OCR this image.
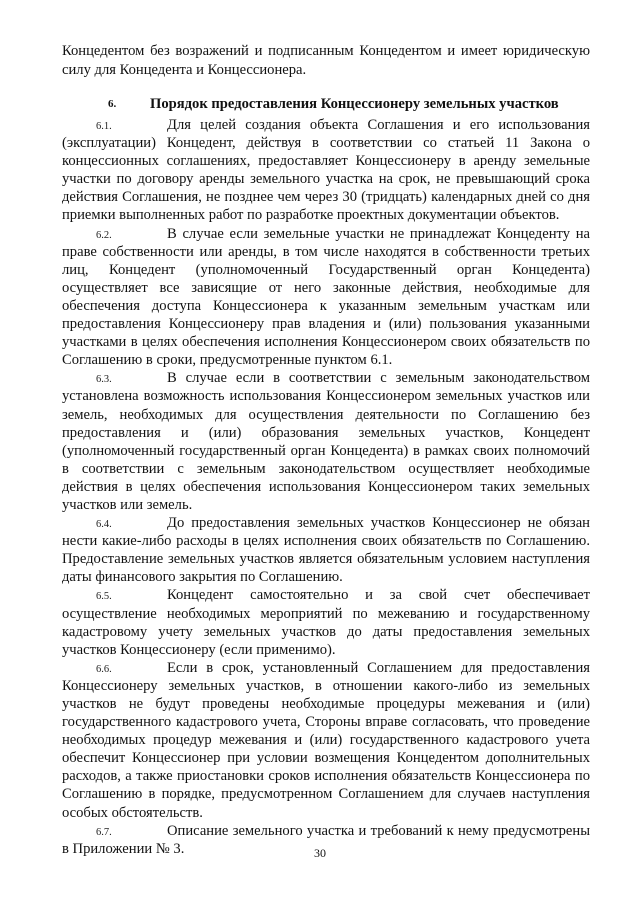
Концедентом без возражений и подписанным Концедентом и имеет юридическую силу для Концедента и Концессионера.

6. Порядок предоставления Концессионеру земельных участков
6.1.	Для целей создания объекта Соглашения и его использования (эксплуатации) Концедент, действуя в соответствии со статьей 11 Закона о концессионных соглашениях, предоставляет Концессионеру в аренду земельные участки по договору аренды земельного участка на срок, не превышающий срока действия Соглашения, не позднее чем через 30 (тридцать) календарных дней со дня приемки выполненных работ по разработке проектных документации объектов.
6.2.	В случае если земельные участки не принадлежат Концеденту на праве собственности или аренды, в том числе находятся в собственности третьих лиц, Концедент (уполномоченный Государственный орган Концедента) осуществляет все зависящие от него законные действия, необходимые для обеспечения доступа Концессионера к указанным земельным участкам или предоставления Концессионеру прав владения и (или) пользования указанными участками в целях обеспечения исполнения Концессионером своих обязательств по Соглашению в сроки, предусмотренные пунктом 6.1.
6.3.	В случае если в соответствии с земельным законодательством установлена возможность использования Концессионером земельных участков или земель, необходимых для осуществления деятельности по Соглашению без предоставления и (или) образования земельных участков, Концедент (уполномоченный государственный орган Концедента) в рамках своих полномочий в соответствии с земельным законодательством осуществляет необходимые действия в целях обеспечения использования Концессионером таких земельных участков или земель.
6.4.	До предоставления земельных участков Концессионер не обязан нести какие-либо расходы в целях исполнения своих обязательств по Соглашению. Предоставление земельных участков является обязательным условием наступления даты финансового закрытия по Соглашению.
6.5.	Концедент самостоятельно и за свой счет обеспечивает осуществление необходимых мероприятий по межеванию и государственному кадастровому учету земельных участков до даты предоставления земельных участков Концессионеру (если применимо).
6.6.	Если в срок, установленный Соглашением для предоставления Концессионеру земельных участков, в отношении какого-либо из земельных участков не будут проведены необходимые процедуры межевания и (или) государственного кадастрового учета, Стороны вправе согласовать, что проведение необходимых процедур межевания и (или) государственного кадастрового учета обеспечит Концессионер при условии возмещения Концедентом дополнительных расходов, а также приостановки сроков исполнения обязательств Концессионера по Соглашению в порядке, предусмотренном Соглашением для случаев наступления особых обстоятельств.
6.7.	Описание земельного участка и требований к нему предусмотрены в Приложении № 3.	30
